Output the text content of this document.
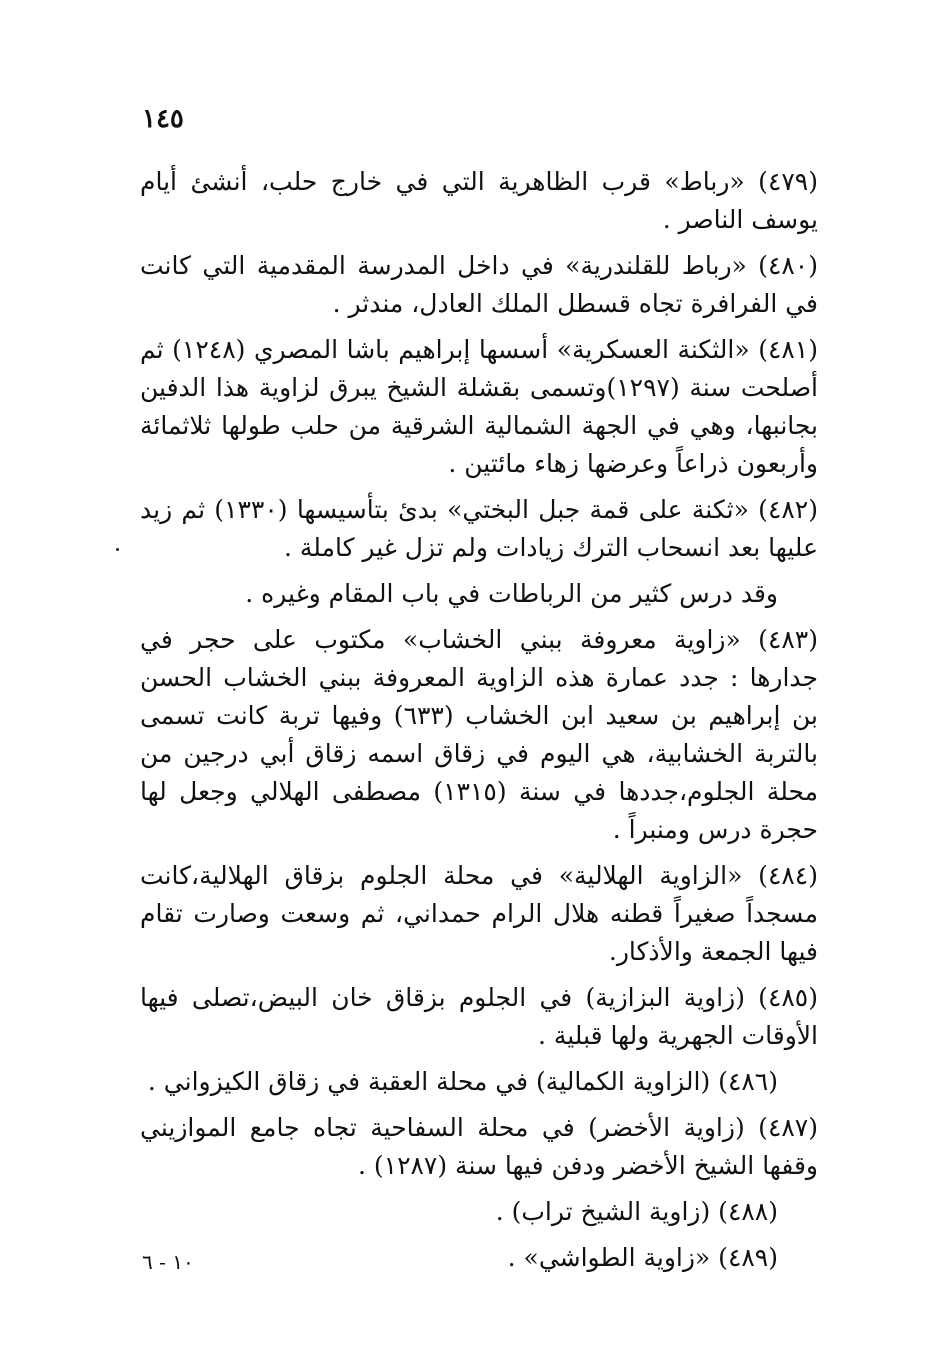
١٤٥

(٤٧٩) «رباط» قرب الظاهرية التي في خارج حلب، أنشئ أيام يوسف الناصر .

(٤٨٠) «رباط للقلندرية» في داخل المدرسة المقدمية التي كانت في الفرافرة تجاه قسطل الملك العادل، مندثر .

(٤٨١) «الثكنة العسكرية» أسسها إبراهيم باشا المصري (١٢٤٨) ثم أصلحت سنة (١٢٩٧)وتسمى بقشلة الشيخ يبرق لزاوية هذا الدفين بجانبها، وهي في الجهة الشمالية الشرقية من حلب طولها ثلاثمائة وأربعون ذراعاً وعرضها زهاء مائتين .

(٤٨٢) «ثكنة على قمة جبل البختي» بدئ بتأسيسها (١٣٣٠) ثم زيد عليها بعد انسحاب الترك زيادات ولم تزل غير كاملة .

وقد درس كثير من الرباطات في باب المقام وغيره .

(٤٨٣) «زاوية معروفة ببني الخشاب» مكتوب على حجر في جدارها : جدد عمارة هذه الزاوية المعروفة ببني الخشاب الحسن بن إبراهيم بن سعيد ابن الخشاب (٦٣٣) وفيها تربة كانت تسمى بالتربة الخشابية، هي اليوم في زقاق اسمه زقاق أبي درجين من محلة الجلوم،جددها في سنة (١٣١٥) مصطفى الهلالي وجعل لها حجرة درس ومنبراً .

(٤٨٤) «الزاوية الهلالية» في محلة الجلوم بزقاق الهلالية،كانت مسجداً صغيراً قطنه هلال الرام حمداني، ثم وسعت وصارت تقام فيها الجمعة والأذكار.

(٤٨٥) (زاوية البزازية) في الجلوم بزقاق خان البيض،تصلى فيها الأوقات الجهرية ولها قبلية .

(٤٨٦) (الزاوية الكمالية) في محلة العقبة في زقاق الكيزواني .

(٤٨٧) (زاوية الأخضر) في محلة السفاحية تجاه جامع الموازيني وقفها الشيخ الأخضر ودفن فيها سنة (١٢٨٧) .

(٤٨٨) (زاوية الشيخ تراب) .

(٤٨٩) «زاوية الطواشي» .

١٠ - ٦
